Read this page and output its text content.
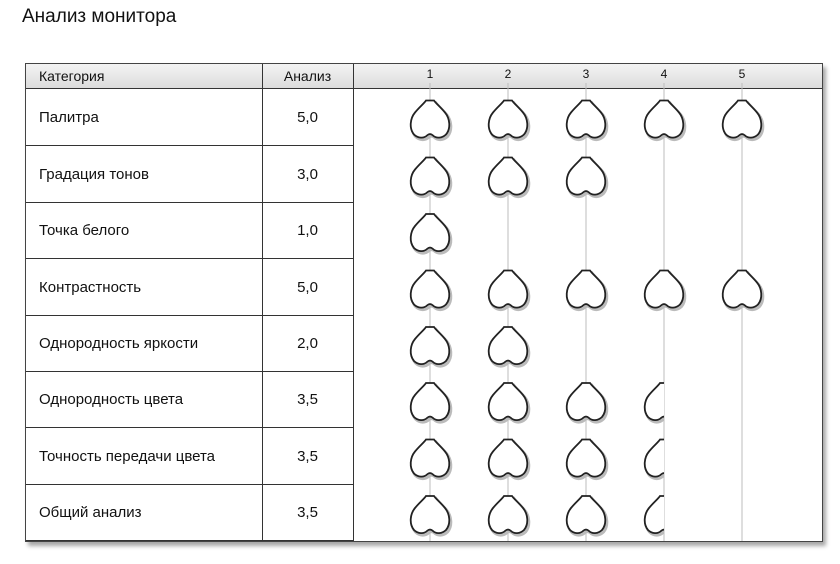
Анализ монитора
Категория	Анализ
Палитра	5,0
Градация тонов	3,0
Точка белого	1,0
Контрастность	5,0
Однородность яркости	2,0
Однородность цвета	3,5
Точность передачи цвета	3,5
Общий анализ	3,5
1	2	3	4	5
